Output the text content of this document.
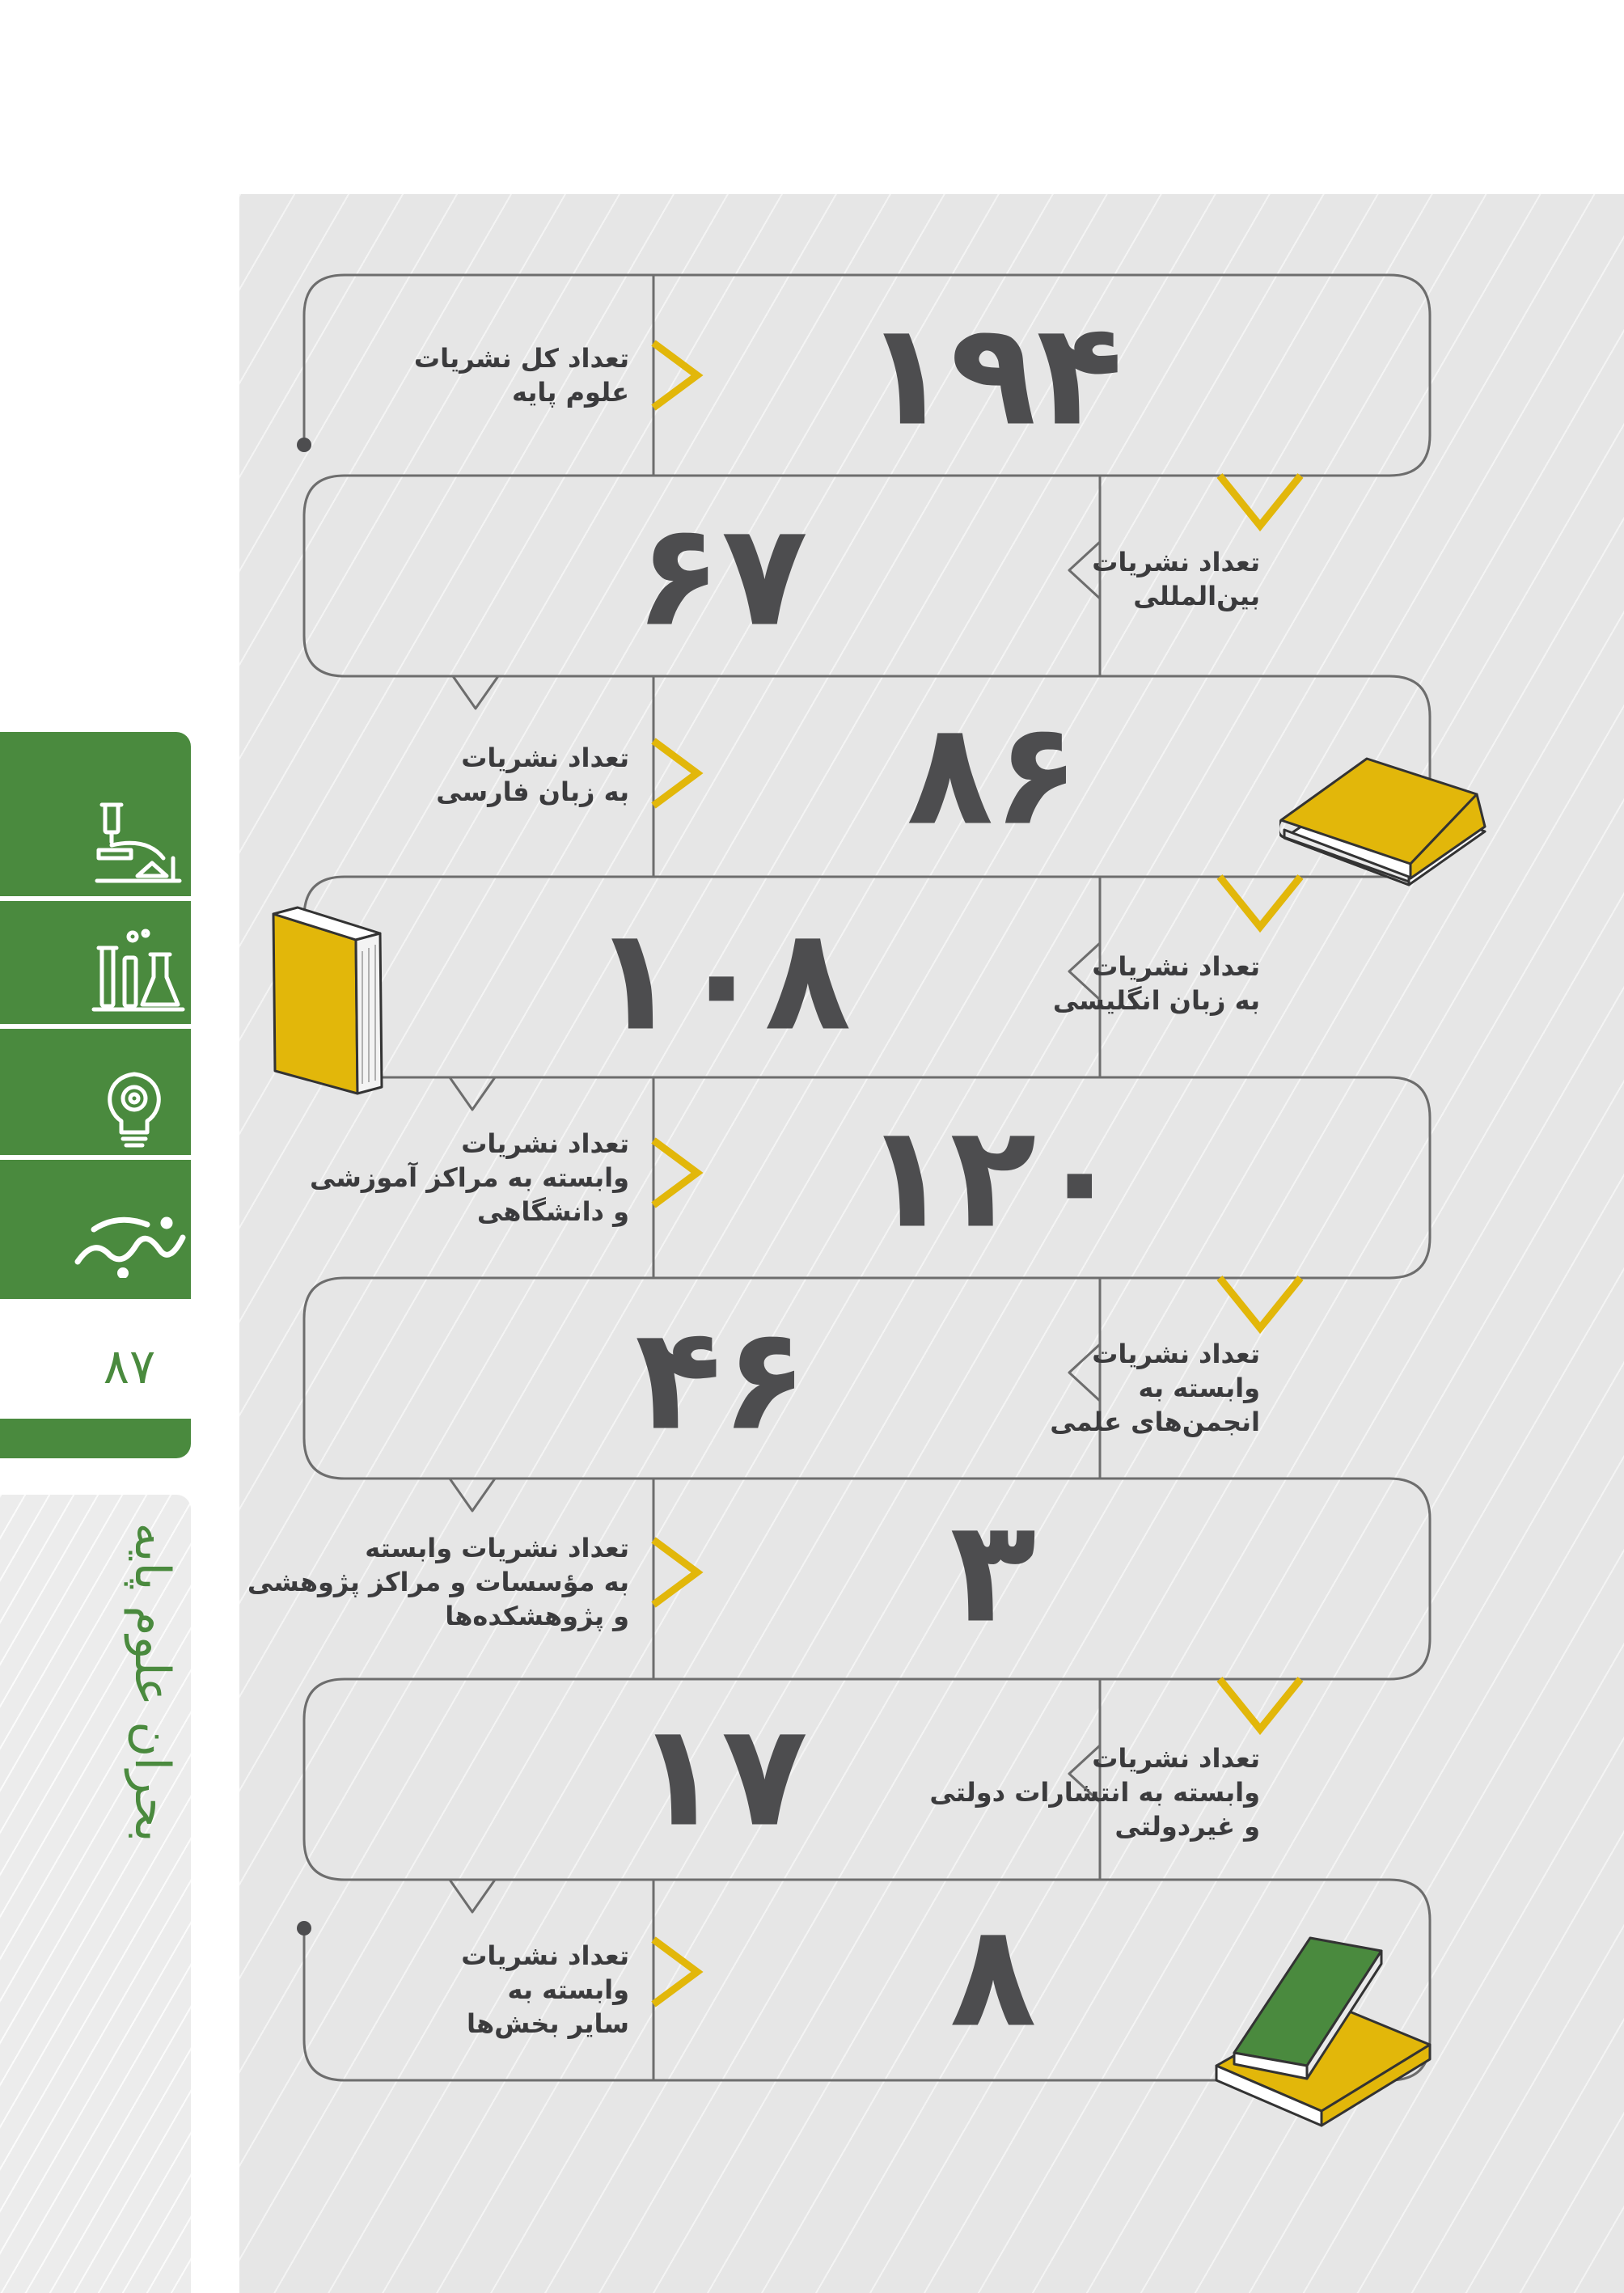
۸۷
بحران علوم پایه
۱۹۴
۶۷
۸۶
۱۰۸
۱۲۰
۴۶
۳
۱۷
۸
تعداد کل نشریات
علوم پایه
تعداد نشریات
بین‌المللی
تعداد نشریات
به زبان فارسی
تعداد نشریات
به زبان انگلیسی
تعداد نشریات
وابسته به مراکز آموزشی
و دانشگاهی
تعداد نشریات
وابسته به
انجمن‌های علمی
تعداد نشریات وابسته
به مؤسسات و مراکز پژوهشی
و پژوهشکده‌ها
تعداد نشریات
وابسته به انتشارات دولتی
و غیردولتی
تعداد نشریات
وابسته به
سایر بخش‌ها
